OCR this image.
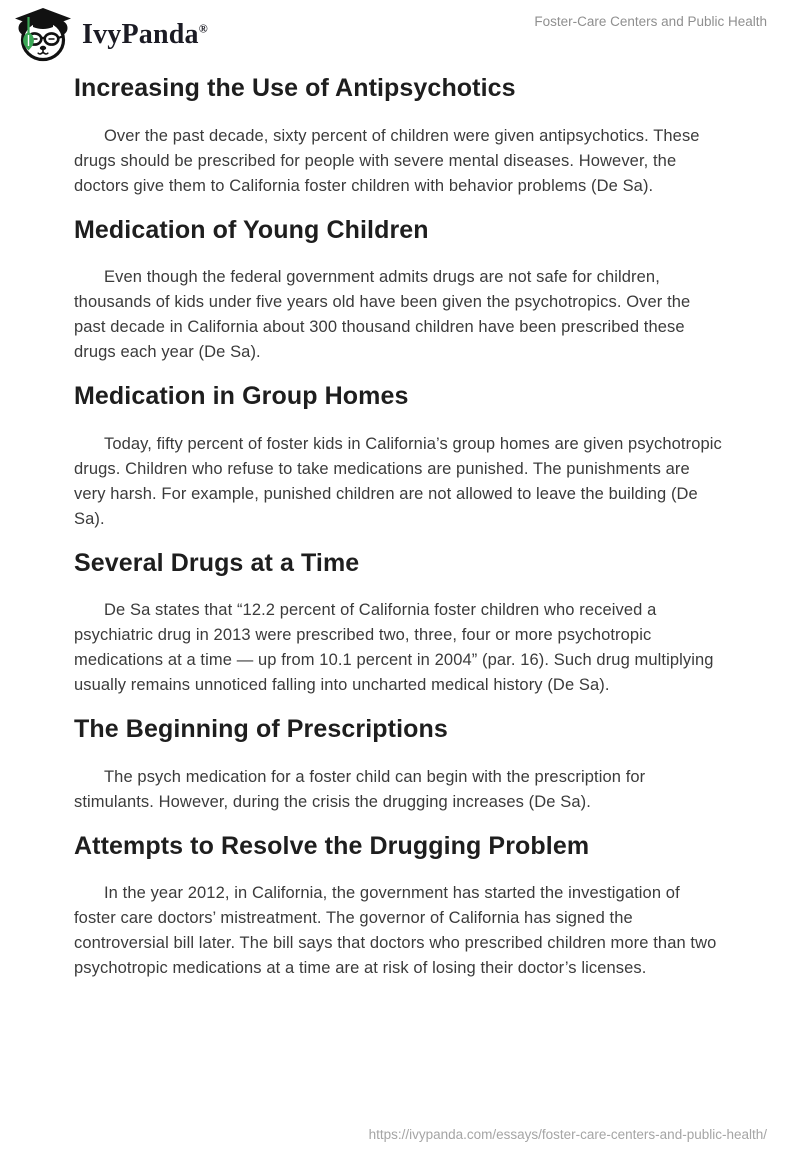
IvyPanda®	Foster-Care Centers and Public Health
Increasing the Use of Antipsychotics

Over the past decade, sixty percent of children were given antipsychotics. These drugs should be prescribed for people with severe mental diseases. However, the doctors give them to California foster children with behavior problems (De Sa).

Medication of Young Children

Even though the federal government admits drugs are not safe for children, thousands of kids under five years old have been given the psychotropics. Over the past decade in California about 300 thousand children have been prescribed these drugs each year (De Sa).

Medication in Group Homes

Today, fifty percent of foster kids in California’s group homes are given psychotropic drugs. Children who refuse to take medications are punished. The punishments are very harsh. For example, punished children are not allowed to leave the building (De Sa).

Several Drugs at a Time

De Sa states that “12.2 percent of California foster children who received a psychiatric drug in 2013 were prescribed two, three, four or more psychotropic medications at a time — up from 10.1 percent in 2004” (par. 16). Such drug multiplying usually remains unnoticed falling into uncharted medical history (De Sa).

The Beginning of Prescriptions

The psych medication for a foster child can begin with the prescription for stimulants. However, during the crisis the drugging increases (De Sa).

Attempts to Resolve the Drugging Problem

In the year 2012, in California, the government has started the investigation of foster care doctors’ mistreatment. The governor of California has signed the controversial bill later. The bill says that doctors who prescribed children more than two psychotropic medications at a time are at risk of losing their doctor’s licenses.

https://ivypanda.com/essays/foster-care-centers-and-public-health/
